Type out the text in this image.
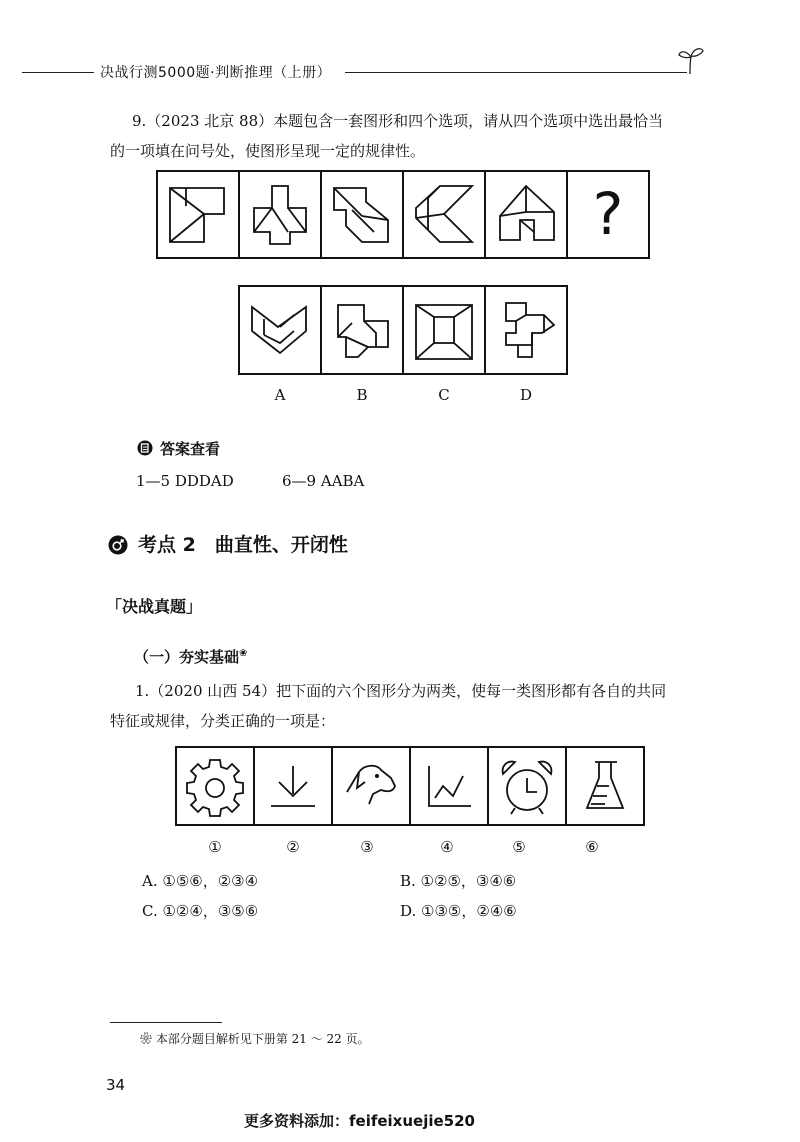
决战行测5000题·判断推理（上册）
9.（2023 北京 88）本题包含一套图形和四个选项，请从四个选项中选出最恰当
的一项填在问号处，使图形呈现一定的规律性。
?
A	B	C	D
答案查看
1—5 DDDAD	6—9 AABA
考点 2　曲直性、开闭性
「决战真题」
（一）夯实基础❀
1.（2020 山西 54）把下面的六个图形分为两类，使每一类图形都有各自的共同
特征或规律，分类正确的一项是：
①	②	③	④	⑤	⑥
A. ①⑤⑥，②③④	B. ①②⑤，③④⑥
C. ①②④，③⑤⑥	D. ①③⑤，②④⑥
❀ 本部分题目解析见下册第 21 ～ 22 页。
34
更多资料添加：feifeixuejie520
